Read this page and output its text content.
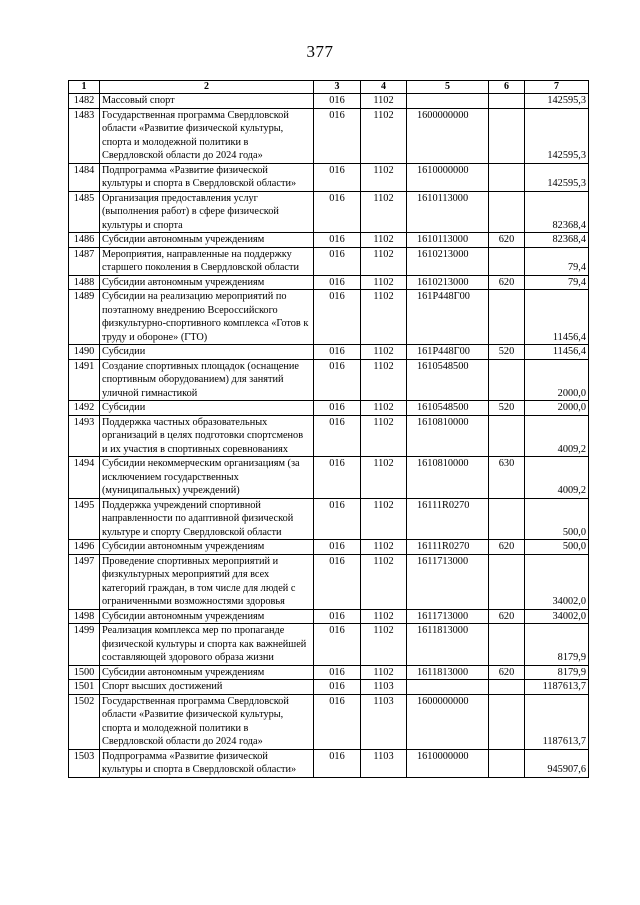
377
1	2	3	4	5	6	7
1482	Массовый спорт	016	1102			142595,3
1483	Государственная программа Свердловской области «Развитие физической культуры, спорта и молодежной политики в Свердловской области до 2024 года»	016	1102	1600000000		142595,3
1484	Подпрограмма «Развитие физической культуры и спорта в Свердловской области»	016	1102	1610000000		142595,3
1485	Организация предоставления услуг (выполнения работ) в сфере физической культуры и спорта	016	1102	1610113000		82368,4
1486	Субсидии автономным учреждениям	016	1102	1610113000	620	82368,4
1487	Мероприятия, направленные на поддержку старшего поколения в Свердловской области	016	1102	1610213000		79,4
1488	Субсидии автономным учреждениям	016	1102	1610213000	620	79,4
1489	Субсидии на реализацию мероприятий по поэтапному внедрению Всероссийского физкультурно-спортивного комплекса «Готов к труду и обороне» (ГТО)	016	1102	161Р448Г00		11456,4
1490	Субсидии	016	1102	161Р448Г00	520	11456,4
1491	Создание спортивных площадок (оснащение спортивным оборудованием) для занятий уличной гимнастикой	016	1102	1610548500		2000,0
1492	Субсидии	016	1102	1610548500	520	2000,0
1493	Поддержка частных образовательных организаций в целях подготовки спортсменов и их участия в спортивных соревнованиях	016	1102	1610810000		4009,2
1494	Субсидии некоммерческим организациям (за исключением государственных (муниципальных) учреждений)	016	1102	1610810000	630	4009,2
1495	Поддержка учреждений спортивной направленности по адаптивной физической культуре и спорту Свердловской области	016	1102	16111R0270		500,0
1496	Субсидии автономным учреждениям	016	1102	16111R0270	620	500,0
1497	Проведение спортивных мероприятий и физкультурных мероприятий для всех категорий граждан, в том числе для людей с ограниченными возможностями здоровья	016	1102	1611713000		34002,0
1498	Субсидии автономным учреждениям	016	1102	1611713000	620	34002,0
1499	Реализация комплекса мер по пропаганде физической культуры и спорта как важнейшей составляющей здорового образа жизни	016	1102	1611813000		8179,9
1500	Субсидии автономным учреждениям	016	1102	1611813000	620	8179,9
1501	Спорт высших достижений	016	1103			1187613,7
1502	Государственная программа Свердловской области «Развитие физической культуры, спорта и молодежной политики в Свердловской области до 2024 года»	016	1103	1600000000		1187613,7
1503	Подпрограмма «Развитие физической культуры и спорта в Свердловской области»	016	1103	1610000000		945907,6
